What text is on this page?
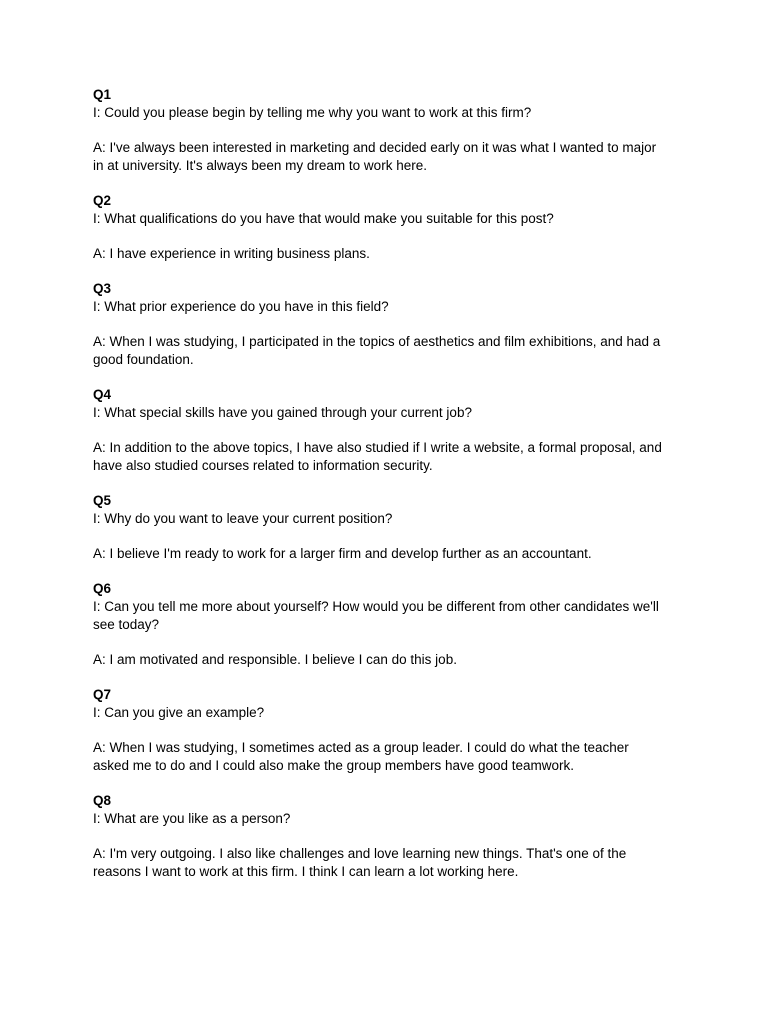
Q1

I: Could you please begin by telling me why you want to work at this firm?

A: I've always been interested in marketing and decided early on it was what I wanted to major in at university. It's always been my dream to work here.

Q2

I: What qualifications do you have that would make you suitable for this post?

A: I have experience in writing business plans.

Q3

I: What prior experience do you have in this field?

A: When I was studying, I participated in the topics of aesthetics and film exhibitions, and had a good foundation.

Q4

I: What special skills have you gained through your current job?

A: In addition to the above topics, I have also studied if I write a website, a formal proposal, and have also studied courses related to information security.

Q5

I: Why do you want to leave your current position?

A: I believe I'm ready to work for a larger firm and develop further as an accountant.

Q6

I: Can you tell me more about yourself? How would you be different from other candidates we'll see today?

A: I am motivated and responsible. I believe I can do this job.

Q7

I: Can you give an example?

A: When I was studying, I sometimes acted as a group leader. I could do what the teacher asked me to do and I could also make the group members have good teamwork.

Q8

I: What are you like as a person?

A: I'm very outgoing. I also like challenges and love learning new things. That's one of the reasons I want to work at this firm. I think I can learn a lot working here.
